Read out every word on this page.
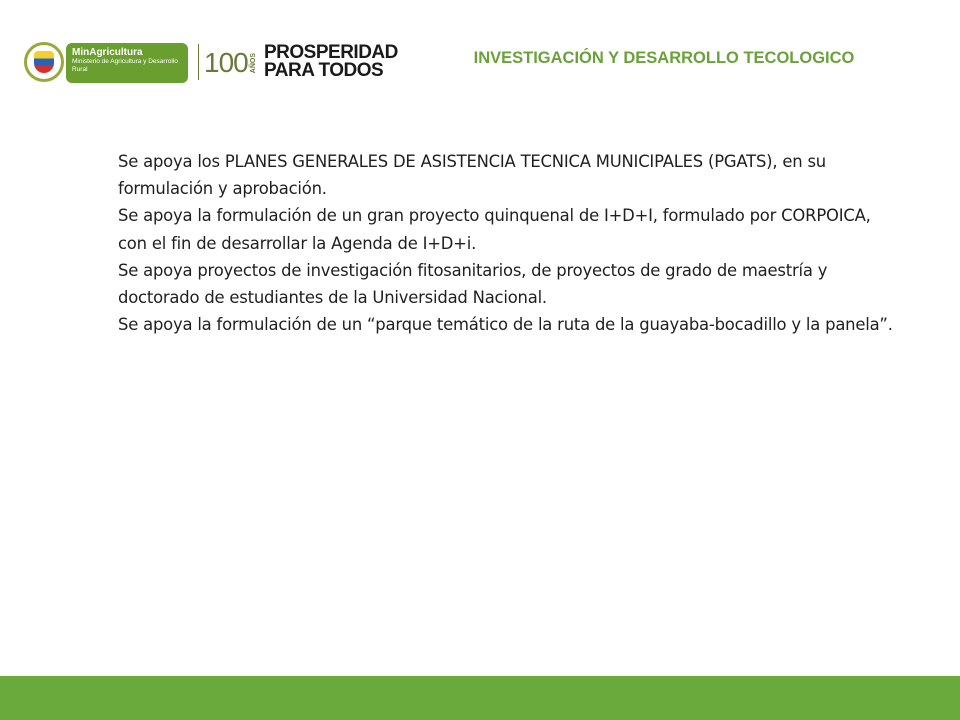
MinAgricultura
Ministerio de Agricultura y Desarrollo Rural	100 AÑOS PROSPERIDAD
PARA TODOS
INVESTIGACIÓN Y DESARROLLO TECOLOGICO

Se apoya los PLANES GENERALES DE ASISTENCIA TECNICA MUNICIPALES (PGATS), en su formulación y aprobación.

Se apoya la formulación de un gran proyecto quinquenal de I+D+I, formulado por CORPOICA, con el fin de desarrollar la Agenda de I+D+i.

Se apoya proyectos de investigación fitosanitarios, de proyectos de grado de maestría y doctorado de estudiantes de la Universidad Nacional.

Se apoya la formulación de un “parque temático de la ruta de la guayaba-bocadillo y la panela”.
